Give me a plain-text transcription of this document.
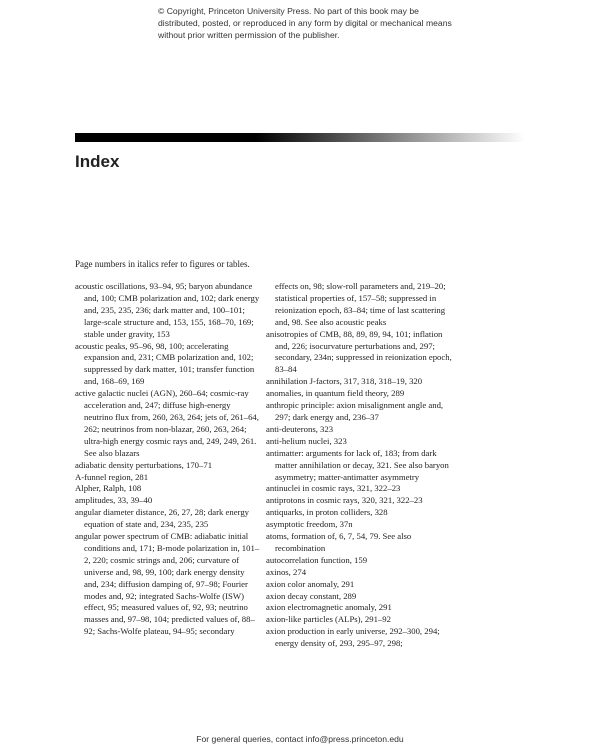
© Copyright, Princeton University Press. No part of this book may be distributed, posted, or reproduced in any form by digital or mechanical means without prior written permission of the publisher.
Index
Page numbers in italics refer to figures or tables.
acoustic oscillations, 93–94, 95; baryon abundance and, 100; CMB polarization and, 102; dark energy and, 235, 235, 236; dark matter and, 100–101; large-scale structure and, 153, 155, 168–70, 169; stable under gravity, 153
acoustic peaks, 95–96, 98, 100; accelerating expansion and, 231; CMB polarization and, 102; suppressed by dark matter, 101; transfer function and, 168–69, 169
active galactic nuclei (AGN), 260–64; cosmic-ray acceleration and, 247; diffuse high-energy neutrino flux from, 260, 263, 264; jets of, 261–64, 262; neutrinos from non-blazar, 260, 263, 264; ultra-high energy cosmic rays and, 249, 249, 261. See also blazars
adiabatic density perturbations, 170–71
A-funnel region, 281
Alpher, Ralph, 108
amplitudes, 33, 39–40
angular diameter distance, 26, 27, 28; dark energy equation of state and, 234, 235, 235
angular power spectrum of CMB: adiabatic initial conditions and, 171; B-mode polarization in, 101–2, 220; cosmic strings and, 206; curvature of universe and, 98, 99, 100; dark energy density and, 234; diffusion damping of, 97–98; Fourier modes and, 92; integrated Sachs-Wolfe (ISW) effect, 95; measured values of, 92, 93; neutrino masses and, 97–98, 104; predicted values of, 88–92; Sachs-Wolfe plateau, 94–95; secondary
effects on, 98; slow-roll parameters and, 219–20; statistical properties of, 157–58; suppressed in reionization epoch, 83–84; time of last scattering and, 98. See also acoustic peaks
anisotropies of CMB, 88, 89, 89, 94, 101; inflation and, 226; isocurvature perturbations and, 297; secondary, 234n; suppressed in reionization epoch, 83–84
annihilation J-factors, 317, 318, 318–19, 320
anomalies, in quantum field theory, 289
anthropic principle: axion misalignment angle and, 297; dark energy and, 236–37
anti-deuterons, 323
anti-helium nuclei, 323
antimatter: arguments for lack of, 183; from dark matter annihilation or decay, 321. See also baryon asymmetry; matter-antimatter asymmetry
antinuclei in cosmic rays, 321, 322–23
antiprotons in cosmic rays, 320, 321, 322–23
antiquarks, in proton colliders, 328
asymptotic freedom, 37n
atoms, formation of, 6, 7, 54, 79. See also recombination
autocorrelation function, 159
axinos, 274
axion color anomaly, 291
axion decay constant, 289
axion electromagnetic anomaly, 291
axion-like particles (ALPs), 291–92
axion production in early universe, 292–300, 294; energy density of, 293, 295–97, 298;
For general queries, contact info@press.princeton.edu
